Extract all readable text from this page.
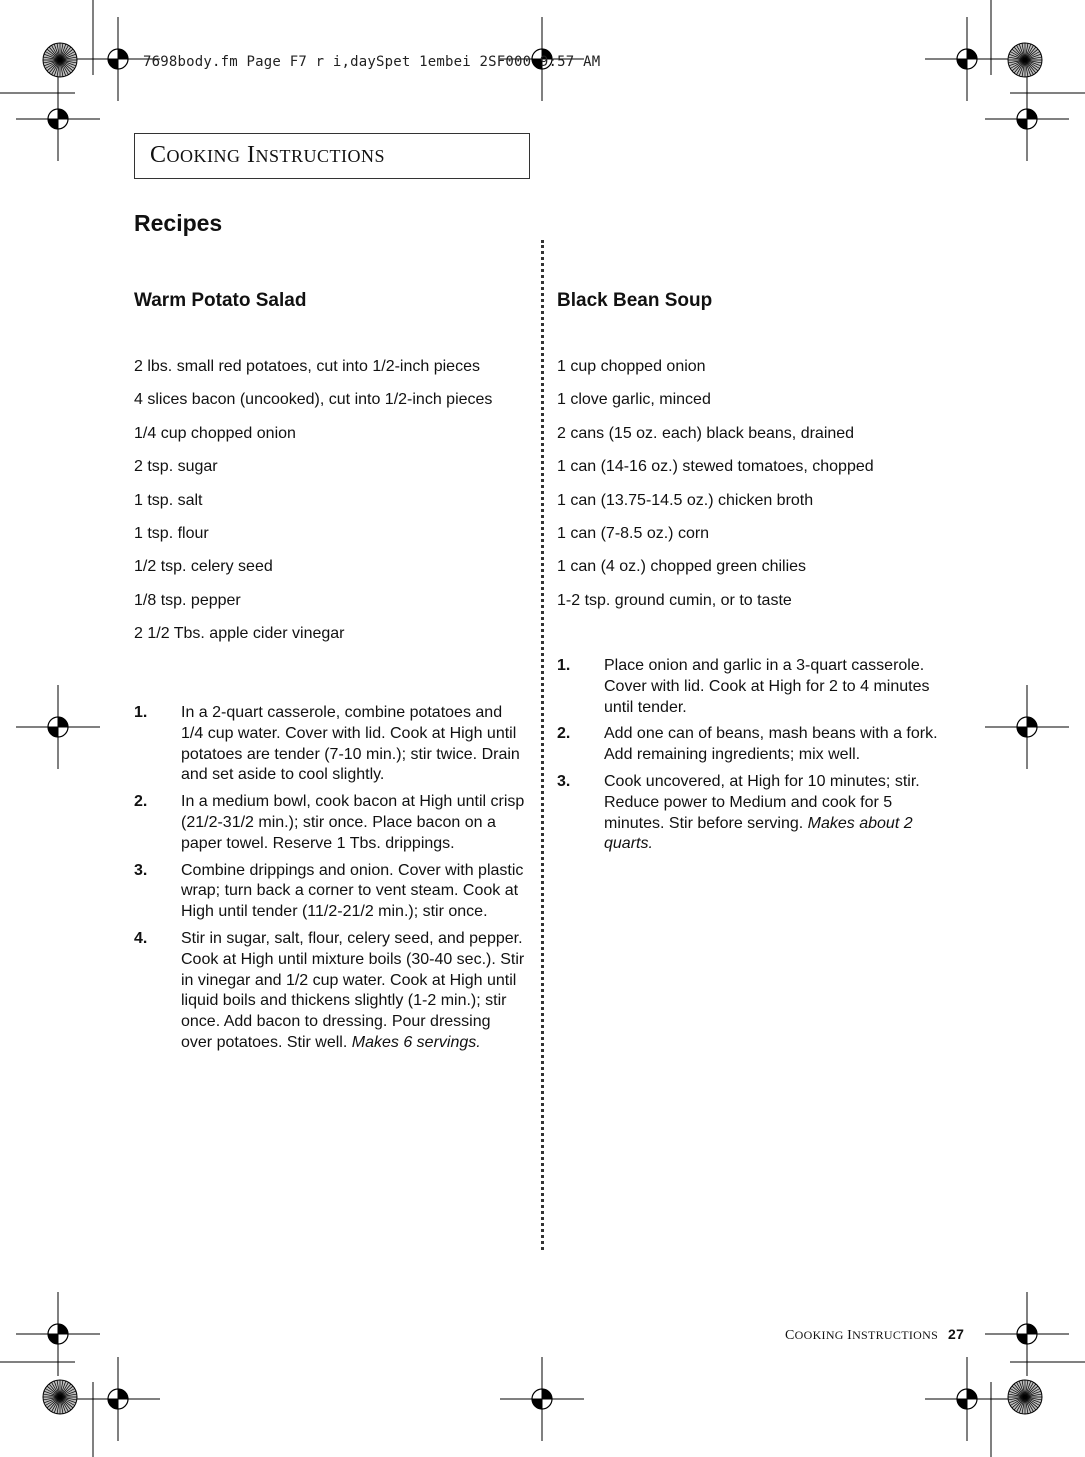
7698body.fm Page F7 r i,daySpet 1embei 2SF000 9:57 AM
COOKING INSTRUCTIONS
Recipes
Warm Potato Salad
2 lbs. small red potatoes, cut into 1/2-inch pieces
4 slices bacon (uncooked), cut into 1/2-inch pieces
1/4 cup chopped onion
2 tsp. sugar
1 tsp. salt
1 tsp. flour
1/2 tsp. celery seed
1/8 tsp. pepper
2 1/2 Tbs. apple cider vinegar
1.	In a 2-quart casserole, combine potatoes and 1/4 cup water. Cover with lid. Cook at High until potatoes are tender (7-10 min.); stir twice. Drain and set aside to cool slightly.
2.	In a medium bowl, cook bacon at High until crisp (21/2-31/2 min.); stir once. Place bacon on a paper towel. Reserve 1 Tbs. drippings.
3.	Combine drippings and onion. Cover with plastic wrap; turn back a corner to vent steam. Cook at High until tender (11/2-21/2 min.); stir once.
4.	Stir in sugar, salt, flour, celery seed, and pepper. Cook at High until mixture boils (30-40 sec.). Stir in vinegar and 1/2 cup water. Cook at High until liquid boils and thickens slightly (1-2 min.); stir once. Add bacon to dressing. Pour dressing over potatoes. Stir well. Makes 6 servings.
Black Bean Soup
1 cup chopped onion
1 clove garlic, minced
2 cans (15 oz. each) black beans, drained
1 can (14-16 oz.) stewed tomatoes, chopped
1 can (13.75-14.5 oz.) chicken broth
1 can (7-8.5 oz.) corn
1 can (4 oz.) chopped green chilies
1-2 tsp. ground cumin, or to taste
1.	Place onion and garlic in a 3-quart casserole. Cover with lid. Cook at High for 2 to 4 minutes until tender.
2.	Add one can of beans, mash beans with a fork. Add remaining ingredients; mix well.
3.	Cook uncovered, at High for 10 minutes; stir. Reduce power to Medium and cook for 5 minutes. Stir before serving. Makes about 2 quarts.
COOKING INSTRUCTIONS 27
